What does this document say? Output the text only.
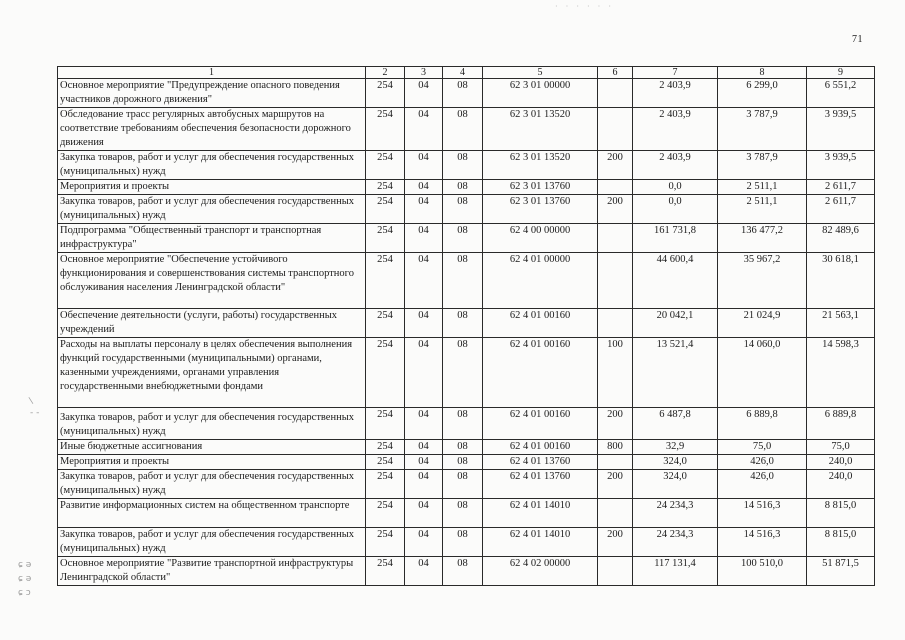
· · · · · ·
71
1	2	3	4	5	6	7	8	9
Основное мероприятие "Предупреждение опасного поведения участников дорожного движения"	254	04	08	62 3 01 00000		2 403,9	6 299,0	6 551,2
Обследование трасс регулярных автобусных маршрутов на соответствие требованиям обеспечения безопасности дорожного движения	254	04	08	62 3 01 13520		2 403,9	3 787,9	3 939,5
Закупка товаров, работ и услуг для обеспечения государственных (муниципальных) нужд	254	04	08	62 3 01 13520	200	2 403,9	3 787,9	3 939,5
Мероприятия и проекты	254	04	08	62 3 01 13760		0,0	2 511,1	2 611,7
Закупка товаров, работ и услуг для обеспечения государственных (муниципальных) нужд	254	04	08	62 3 01 13760	200	0,0	2 511,1	2 611,7
Подпрограмма "Общественный транспорт и транспортная инфраструктура"	254	04	08	62 4 00 00000		161 731,8	136 477,2	82 489,6
Основное мероприятие "Обеспечение устойчивого функционирования и совершенствования системы транспортного обслуживания населения Ленинградской области"	254	04	08	62 4 01 00000		44 600,4	35 967,2	30 618,1
Обеспечение деятельности (услуги, работы) государственных учреждений	254	04	08	62 4 01 00160		20 042,1	21 024,9	21 563,1
Расходы на выплаты персоналу в целях обеспечения выполнения функций государственными (муниципальными) органами, казенными учреждениями, органами управления государственными внебюджетными фондами	254	04	08	62 4 01 00160	100	13 521,4	14 060,0	14 598,3
Закупка товаров, работ и услуг для обеспечения государственных (муниципальных) нужд	254	04	08	62 4 01 00160	200	6 487,8	6 889,8	6 889,8
Иные бюджетные ассигнования	254	04	08	62 4 01 00160	800	32,9	75,0	75,0
Мероприятия и проекты	254	04	08	62 4 01 13760		324,0	426,0	240,0
Закупка товаров, работ и услуг для обеспечения государственных (муниципальных) нужд	254	04	08	62 4 01 13760	200	324,0	426,0	240,0
Развитие информационных систем на общественном транспорте	254	04	08	62 4 01 14010		24 234,3	14 516,3	8 815,0
Закупка товаров, работ и услуг для обеспечения государственных (муниципальных) нужд	254	04	08	62 4 01 14010	200	24 234,3	14 516,3	8 815,0
Основное мероприятие "Развитие транспортной инфраструктуры Ленинградской области"	254	04	08	62 4 02 00000		117 131,4	100 510,0	51 871,5
/
- -
ɕ ə
ɕ ə
ɕ ɔ
